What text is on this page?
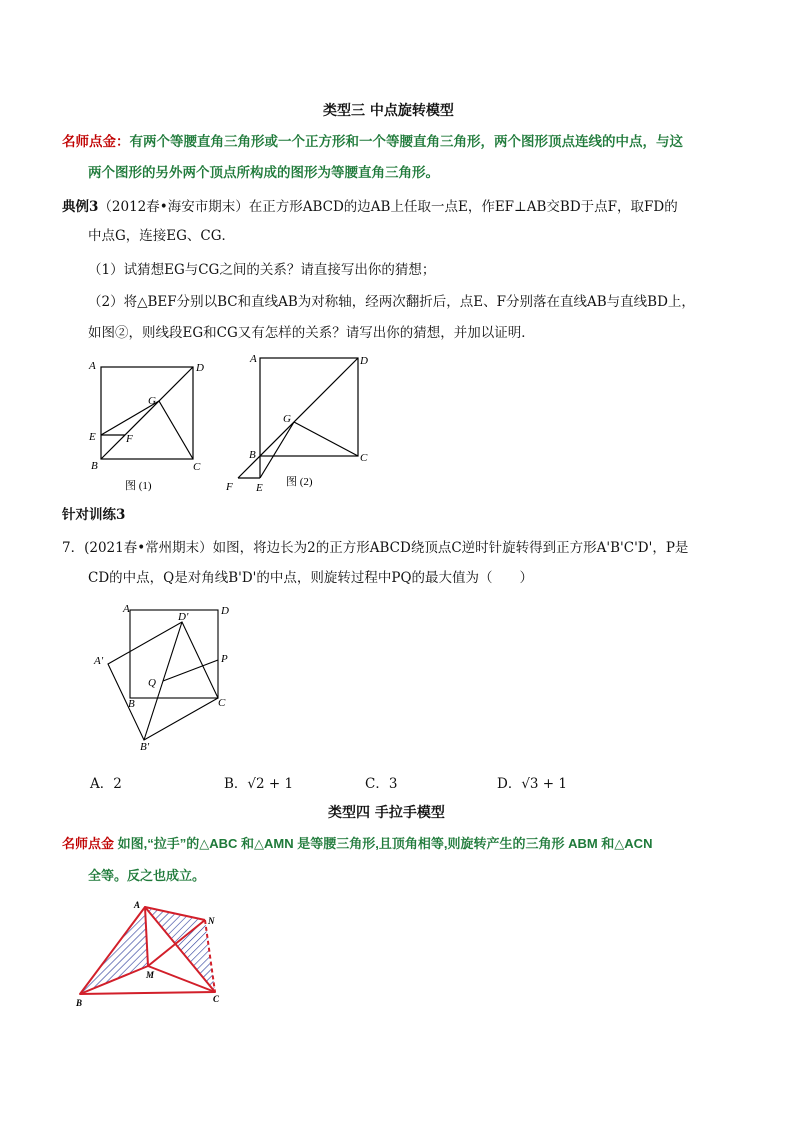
类型三 中点旋转模型
名师点金：有两个等腰直角三角形或一个正方形和一个等腰直角三角形，两个图形顶点连线的中点，与这
两个图形的另外两个顶点所构成的图形为等腰直角三角形。
典例3（2012春•海安市期末）在正方形ABCD的边AB上任取一点E，作EF⊥AB交BD于点F，取FD的
中点G，连接EG、CG．
（1）试猜想EG与CG之间的关系？请直接写出你的猜想；
（2）将△BEF分别以BC和直线AB为对称轴，经两次翻折后，点E、F分别落在直线AB与直线BD上，
如图②，则线段EG和CG又有怎样的关系？请写出你的猜想，并加以证明．
A	D
G
E	F
B	C
图 (1)
A	D
G
B	C
F E 图 (2)
针对训练3
7．(2021春•常州期末）如图，将边长为2的正方形ABCD绕顶点C逆时针旋转得到正方形A'B'C'D'，P是
CD的中点，Q是对角线B'D'的中点，则旋转过程中PQ的最大值为（　　）
A
D'	D
P
A'
Q
B	C
B'
A．2	B．√2 + 1	C．3	D．√3 + 1
类型四 手拉手模型
名师点金 如图,“拉手”的△ABC 和△AMN 是等腰三角形,且顶角相等,则旋转产生的三角形 ABM 和△ACN
全等。反之也成立。
A
N
M
B	C
